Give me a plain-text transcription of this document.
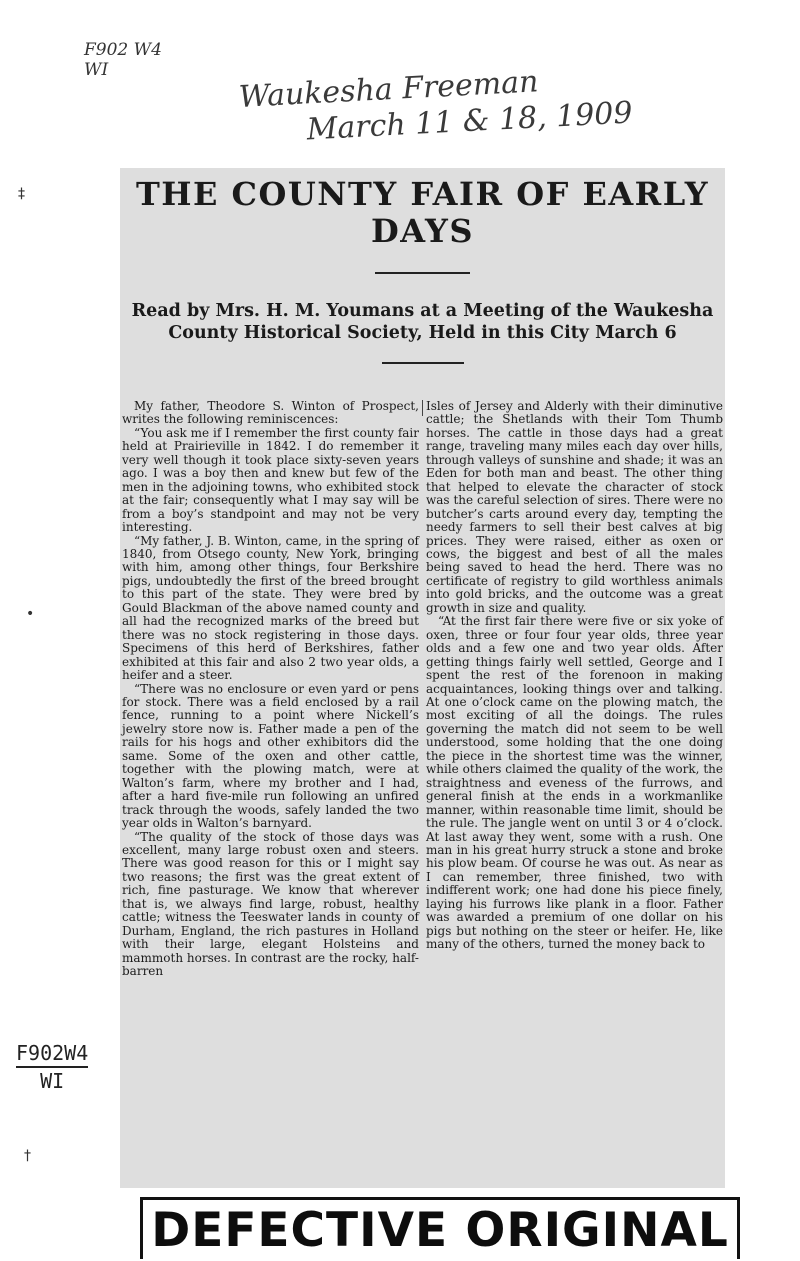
F902 W4
WI	Waukesha Freeman
March 11 & 18, 1909
‡
•
†
F902W4
WI
THE COUNTY FAIR OF EARLY DAYS
Read by Mrs. H. M. Youmans at a Meeting of the Waukesha County Historical Society, Held in this City March 6

My father, Theodore S. Winton of Prospect, writes the following reminiscences:

“You ask me if I remember the first county fair held at Prairieville in 1842. I do remember it very well though it took place sixty-seven years ago. I was a boy then and knew but few of the men in the adjoining towns, who exhibited stock at the fair; consequently what I may say will be from a boy’s standpoint and may not be very interesting.

“My father, J. B. Winton, came, in the spring of 1840, from Otsego county, New York, bringing with him, among other things, four Berkshire pigs, undoubtedly the first of the breed brought to this part of the state. They were bred by Gould Blackman of the above named county and all had the recognized marks of the breed but there was no stock registering in those days. Specimens of this herd of Berkshires, father exhibited at this fair and also 2 two year olds, a heifer and a steer.

“There was no enclosure or even yard or pens for stock. There was a field enclosed by a rail fence, running to a point where Nickell’s jewelry store now is. Father made a pen of the rails for his hogs and other exhibitors did the same. Some of the oxen and other cattle, together with the plowing match, were at Walton’s farm, where my brother and I had, after a hard five-mile run following an unfired track through the woods, safely landed the two year olds in Walton’s barnyard.

“The quality of the stock of those days was excellent, many large robust oxen and steers. There was good reason for this or I might say two reasons; the first was the great extent of rich, fine pasturage. We know that wherever that is, we always find large, robust, healthy cattle; witness the Teeswater lands in county of Durham, England, the rich pastures in Holland with their large, elegant Holsteins and mammoth horses. In contrast are the rocky, half-barren

Isles of Jersey and Alderly with their diminutive cattle; the Shetlands with their Tom Thumb horses. The cattle in those days had a great range, traveling many miles each day over hills, through valleys of sunshine and shade; it was an Eden for both man and beast. The other thing that helped to elevate the character of stock was the careful selection of sires. There were no butcher’s carts around every day, tempting the needy farmers to sell their best calves at big prices. They were raised, either as oxen or cows, the biggest and best of all the males being saved to head the herd. There was no certificate of registry to gild worthless animals into gold bricks, and the outcome was a great growth in size and quality.

“At the first fair there were five or six yoke of oxen, three or four four year olds, three year olds and a few one and two year olds. After getting things fairly well settled, George and I spent the rest of the forenoon in making acquaintances, looking things over and talking. At one o’clock came on the plowing match, the most exciting of all the doings. The rules governing the match did not seem to be well understood, some holding that the one doing the piece in the shortest time was the winner, while others claimed the quality of the work, the straightness and eveness of the furrows, and general finish at the ends in a workmanlike manner, within reasonable time limit, should be the rule. The jangle went on until 3 or 4 o’clock. At last away they went, some with a rush. One man in his great hurry struck a stone and broke his plow beam. Of course he was out. As near as I can remember, three finished, two with indifferent work; one had done his piece finely, laying his furrows like plank in a floor. Father was awarded a premium of one dollar on his pigs but nothing on the steer or heifer. He, like many of the others, turned the money back to

DEFECTIVE ORIGINAL
